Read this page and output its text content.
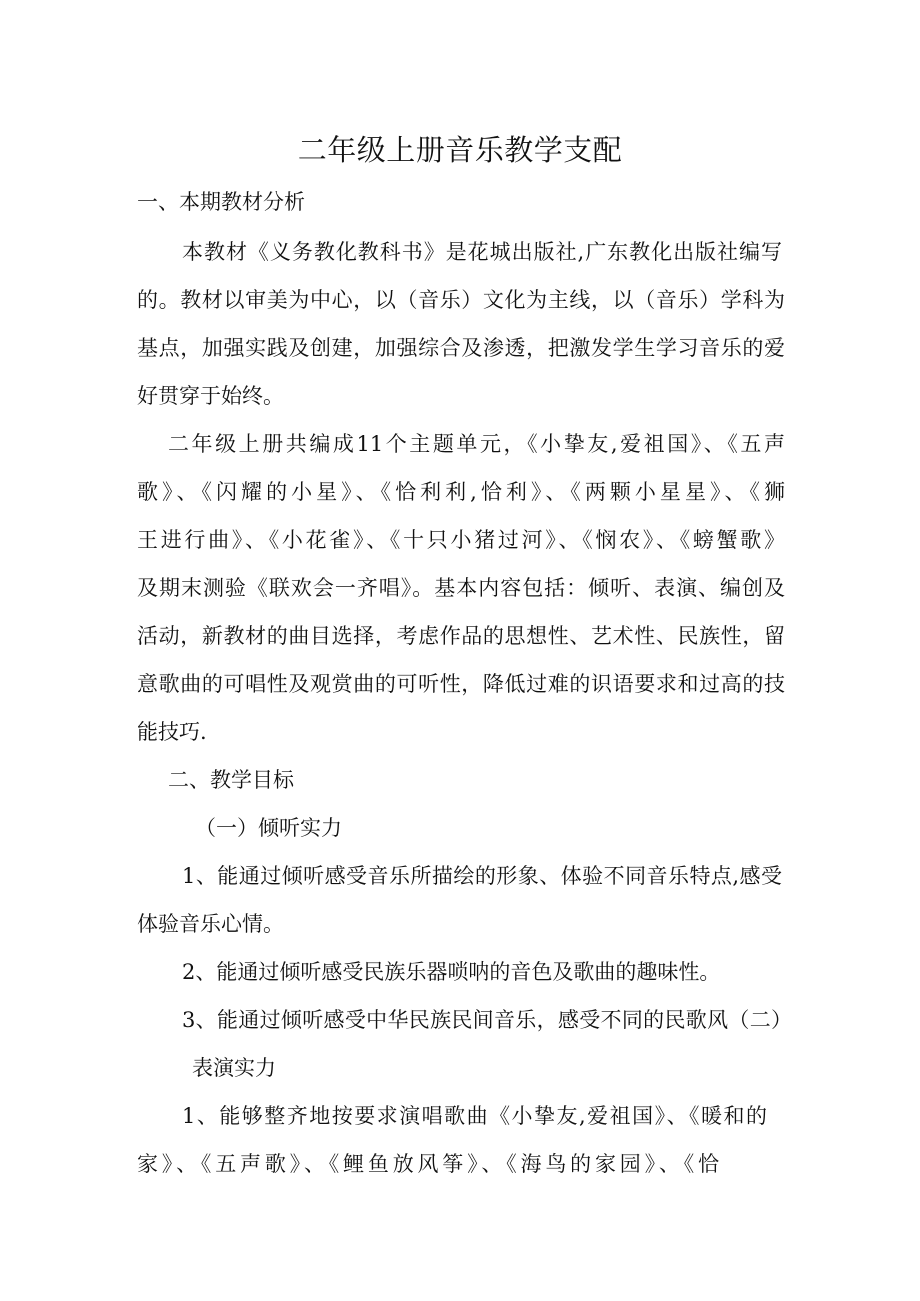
二年级上册音乐教学支配
一、本期教材分析
本教材《义务教化教科书》是花城出版社,广东教化出版社编写
的。教材以审美为中心，以（音乐）文化为主线，以（音乐）学科为
基点，加强实践及创建，加强综合及渗透，把激发学生学习音乐的爱
好贯穿于始终。
二年级上册共编成11个主题单元，《小挚友,爱祖国》、《五声
歌》、《闪耀的小星》、《恰利利,恰利》、《两颗小星星》、《狮
王进行曲》、《小花雀》、《十只小猪过河》、《悯农》、《螃蟹歌》
及期末测验《联欢会一齐唱》。基本内容包括：倾听、表演、编创及
活动，新教材的曲目选择，考虑作品的思想性、艺术性、民族性，留
意歌曲的可唱性及观赏曲的可听性，降低过难的识语要求和过高的技
能技巧.
二、教学目标
（一）倾听实力
1、能通过倾听感受音乐所描绘的形象、体验不同音乐特点,感受
体验音乐心情。
2、能通过倾听感受民族乐器唢呐的音色及歌曲的趣味性。
3、能通过倾听感受中华民族民间音乐，感受不同的民歌风（二）
表演实力
1、能够整齐地按要求演唱歌曲《小挚友,爱祖国》、《暖和的
家》、《五声歌》、《鲤鱼放风筝》、《海鸟的家园》、《恰
